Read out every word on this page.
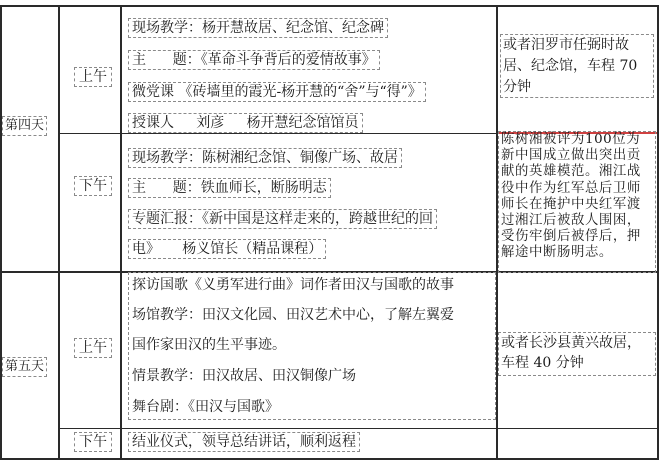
第四天
上午
现场教学：杨开慧故居、纪念馆、纪念碑
主      题：《革命斗争背后的爱情故事》
微党课 《砖墙里的霞光-杨开慧的“舍”与“得”》
授课人     刘彦     杨开慧纪念馆馆员
或者汨罗市任弼时故居、纪念馆，车程 70 分钟
下午
现场教学：陈树湘纪念馆、铜像广场、故居
主      题：铁血师长，断肠明志
专题汇报：《新中国是这样走来的，跨越世纪的回
电》     杨义馆长（精品课程）
陈树湘被评为100位为新中国成立做出突出贡献的英雄模范。湘江战役中作为红军总后卫师师长在掩护中央红军渡过湘江后被敌人围困，受伤牢倒后被俘后，押解途中断肠明志。
第五天
上午
探访国歌《义勇军进行曲》词作者田汉与国歌的故事
场馆教学：田汉文化园、田汉艺术中心，了解左翼爱
国作家田汉的生平事迹。
情景教学：田汉故居、田汉铜像广场
舞台剧：《田汉与国歌》
或者长沙县黄兴故居，车程 40 分钟
下午	结业仪式，领导总结讲话，顺利返程
